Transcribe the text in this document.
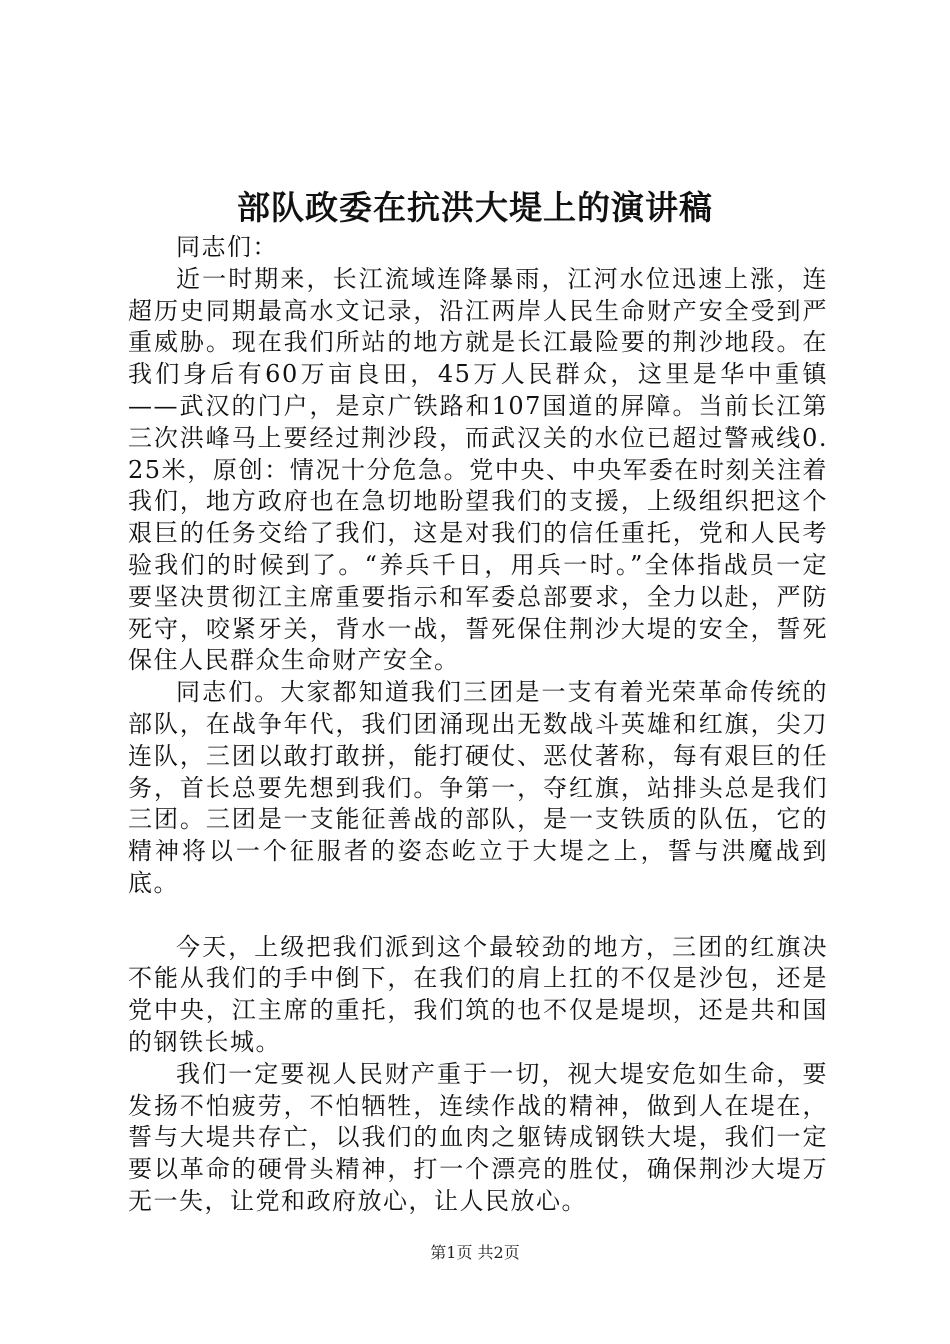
部队政委在抗洪大堤上的演讲稿

同志们：

近一时期来，长江流域连降暴雨，江河水位迅速上涨，连超历史同期最高水文记录，沿江两岸人民生命财产安全受到严重威胁。现在我们所站的地方就是长江最险要的荆沙地段。在我们身后有60万亩良田，45万人民群众，这里是华中重镇——武汉的门户，是京广铁路和107国道的屏障。当前长江第三次洪峰马上要经过荆沙段，而武汉关的水位已超过警戒线0.25米，原创：情况十分危急。党中央、中央军委在时刻关注着我们，地方政府也在急切地盼望我们的支援，上级组织把这个艰巨的任务交给了我们，这是对我们的信任重托，党和人民考验我们的时候到了。“养兵千日，用兵一时。”全体指战员一定要坚决贯彻江主席重要指示和军委总部要求，全力以赴，严防死守，咬紧牙关，背水一战，誓死保住荆沙大堤的安全，誓死保住人民群众生命财产安全。

同志们。大家都知道我们三团是一支有着光荣革命传统的部队，在战争年代，我们团涌现出无数战斗英雄和红旗，尖刀连队，三团以敢打敢拼，能打硬仗、恶仗著称，每有艰巨的任务，首长总要先想到我们。争第一，夺红旗，站排头总是我们三团。三团是一支能征善战的部队，是一支铁质的队伍，它的精神将以一个征服者的姿态屹立于大堤之上，誓与洪魔战到底。

今天，上级把我们派到这个最较劲的地方，三团的红旗决不能从我们的手中倒下，在我们的肩上扛的不仅是沙包，还是党中央，江主席的重托，我们筑的也不仅是堤坝，还是共和国的钢铁长城。

我们一定要视人民财产重于一切，视大堤安危如生命，要发扬不怕疲劳，不怕牺牲，连续作战的精神，做到人在堤在，誓与大堤共存亡，以我们的血肉之躯铸成钢铁大堤，我们一定要以革命的硬骨头精神，打一个漂亮的胜仗，确保荆沙大堤万无一失，让党和政府放心，让人民放心。

第1页 共2页
